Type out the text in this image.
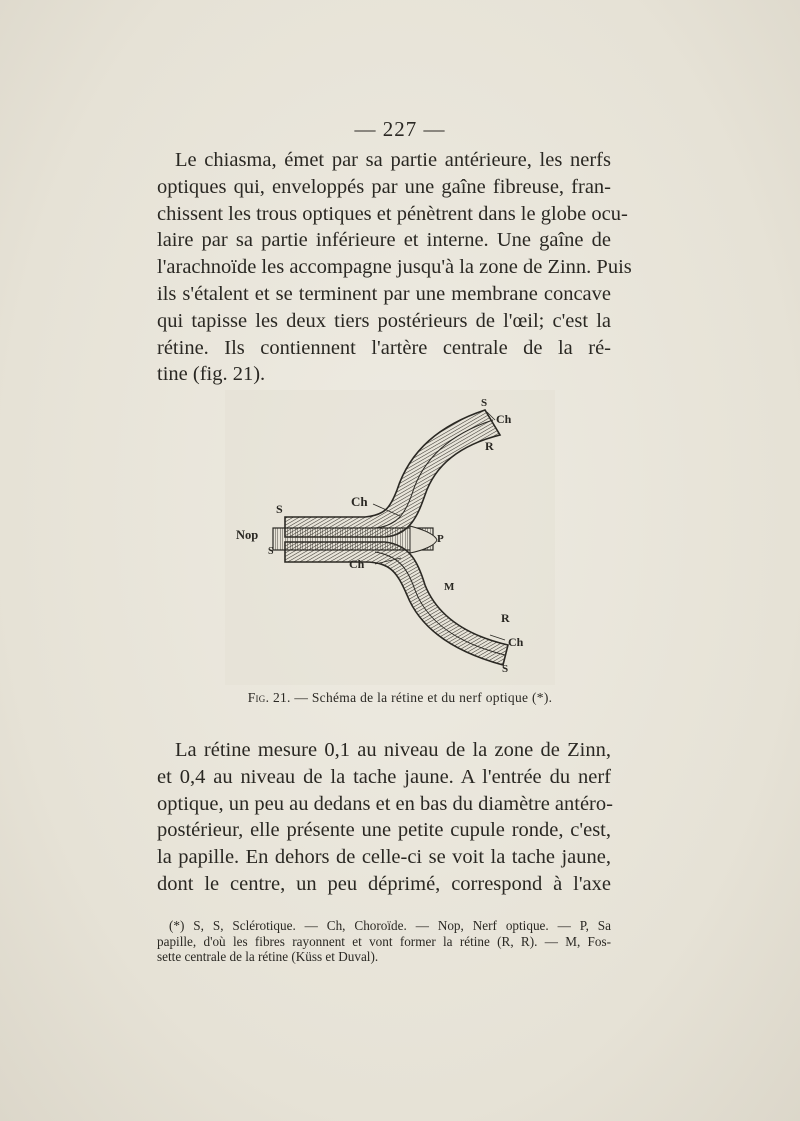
— 227 —
Le chiasma, émet par sa partie antérieure, les nerfs
optiques qui, enveloppés par une gaîne fibreuse, fran-
chissent les trous optiques et pénètrent dans le globe ocu-
laire par sa partie inférieure et interne. Une gaîne de
l'arachnoïde les accompagne jusqu'à la zone de Zinn. Puis
ils s'étalent et se terminent par une membrane concave
qui tapisse les deux tiers postérieurs de l'œil; c'est la
rétine. Ils contiennent l'artère centrale de la ré-
tine (fig. 21).
S
Ch
R
Ch
S
Nop
S
P
Ch
M
R
Ch
S
Fig. 21. — Schéma de la rétine et du nerf optique (*).
La rétine mesure 0,1 au niveau de la zone de Zinn,
et 0,4 au niveau de la tache jaune. A l'entrée du nerf
optique, un peu au dedans et en bas du diamètre antéro-
postérieur, elle présente une petite cupule ronde, c'est,
la papille. En dehors de celle-ci se voit la tache jaune,
dont le centre, un peu déprimé, correspond à l'axe
(*) S, S, Sclérotique. — Ch, Choroïde. — Nop, Nerf optique. — P, Sa
papille, d'où les fibres rayonnent et vont former la rétine (R, R). — M, Fos-
sette centrale de la rétine (Küss et Duval).
